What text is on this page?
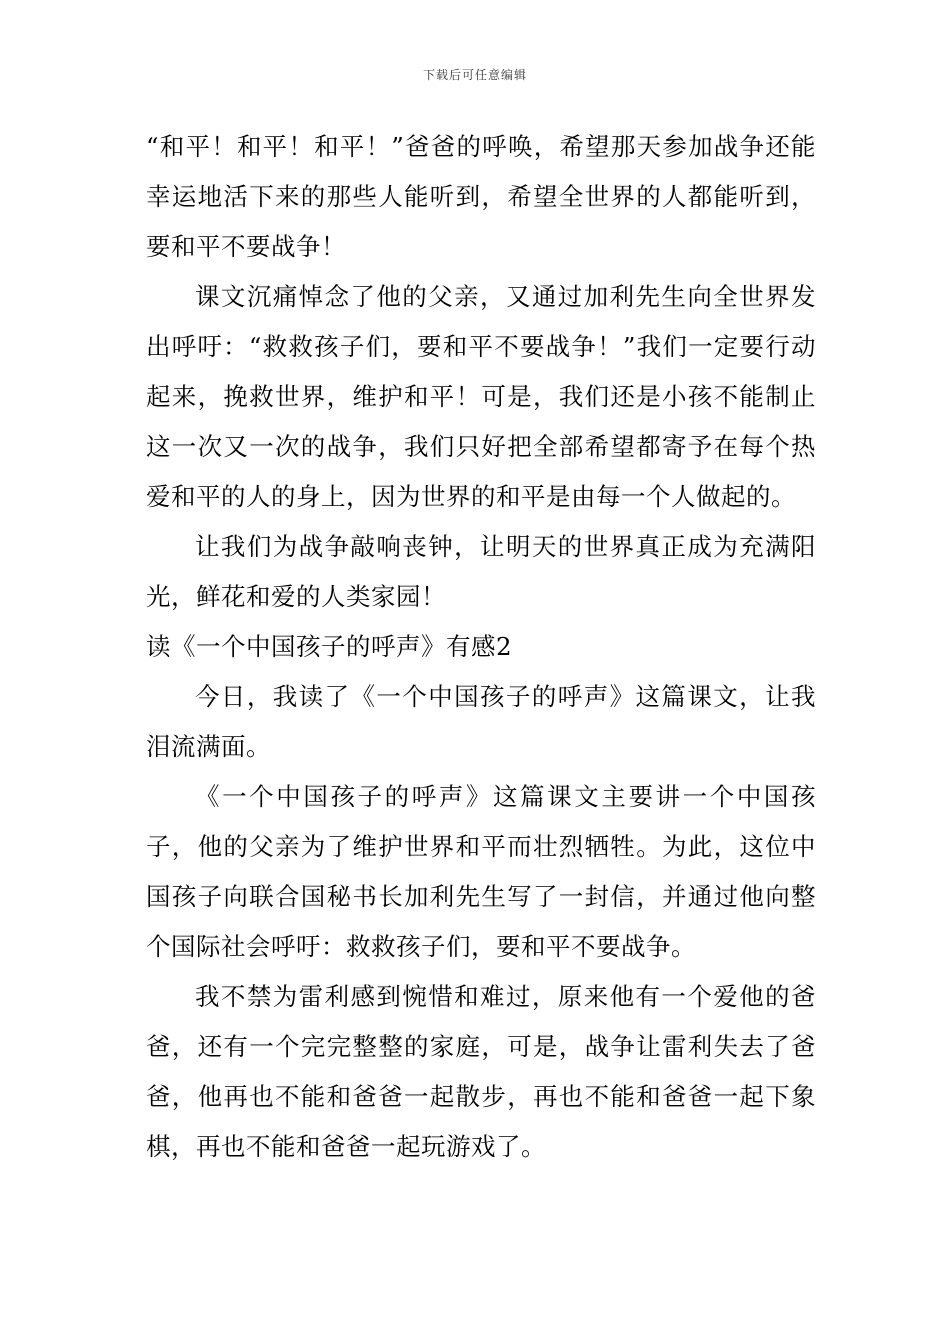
下载后可任意编辑

“和平！和平！和平！”爸爸的呼唤，希望那天参加战争还能幸运地活下来的那些人能听到，希望全世界的人都能听到，要和平不要战争！

课文沉痛悼念了他的父亲，又通过加利先生向全世界发出呼吁：“救救孩子们，要和平不要战争！”我们一定要行动起来，挽救世界，维护和平！可是，我们还是小孩不能制止这一次又一次的战争，我们只好把全部希望都寄予在每个热爱和平的人的身上，因为世界的和平是由每一个人做起的。

让我们为战争敲响丧钟，让明天的世界真正成为充满阳光，鲜花和爱的人类家园！

读《一个中国孩子的呼声》有感2

今日，我读了《一个中国孩子的呼声》这篇课文，让我泪流满面。

《一个中国孩子的呼声》这篇课文主要讲一个中国孩子，他的父亲为了维护世界和平而壮烈牺牲。为此，这位中国孩子向联合国秘书长加利先生写了一封信，并通过他向整个国际社会呼吁：救救孩子们，要和平不要战争。

我不禁为雷利感到惋惜和难过，原来他有一个爱他的爸爸，还有一个完完整整的家庭，可是，战争让雷利失去了爸爸，他再也不能和爸爸一起散步，再也不能和爸爸一起下象棋，再也不能和爸爸一起玩游戏了。
